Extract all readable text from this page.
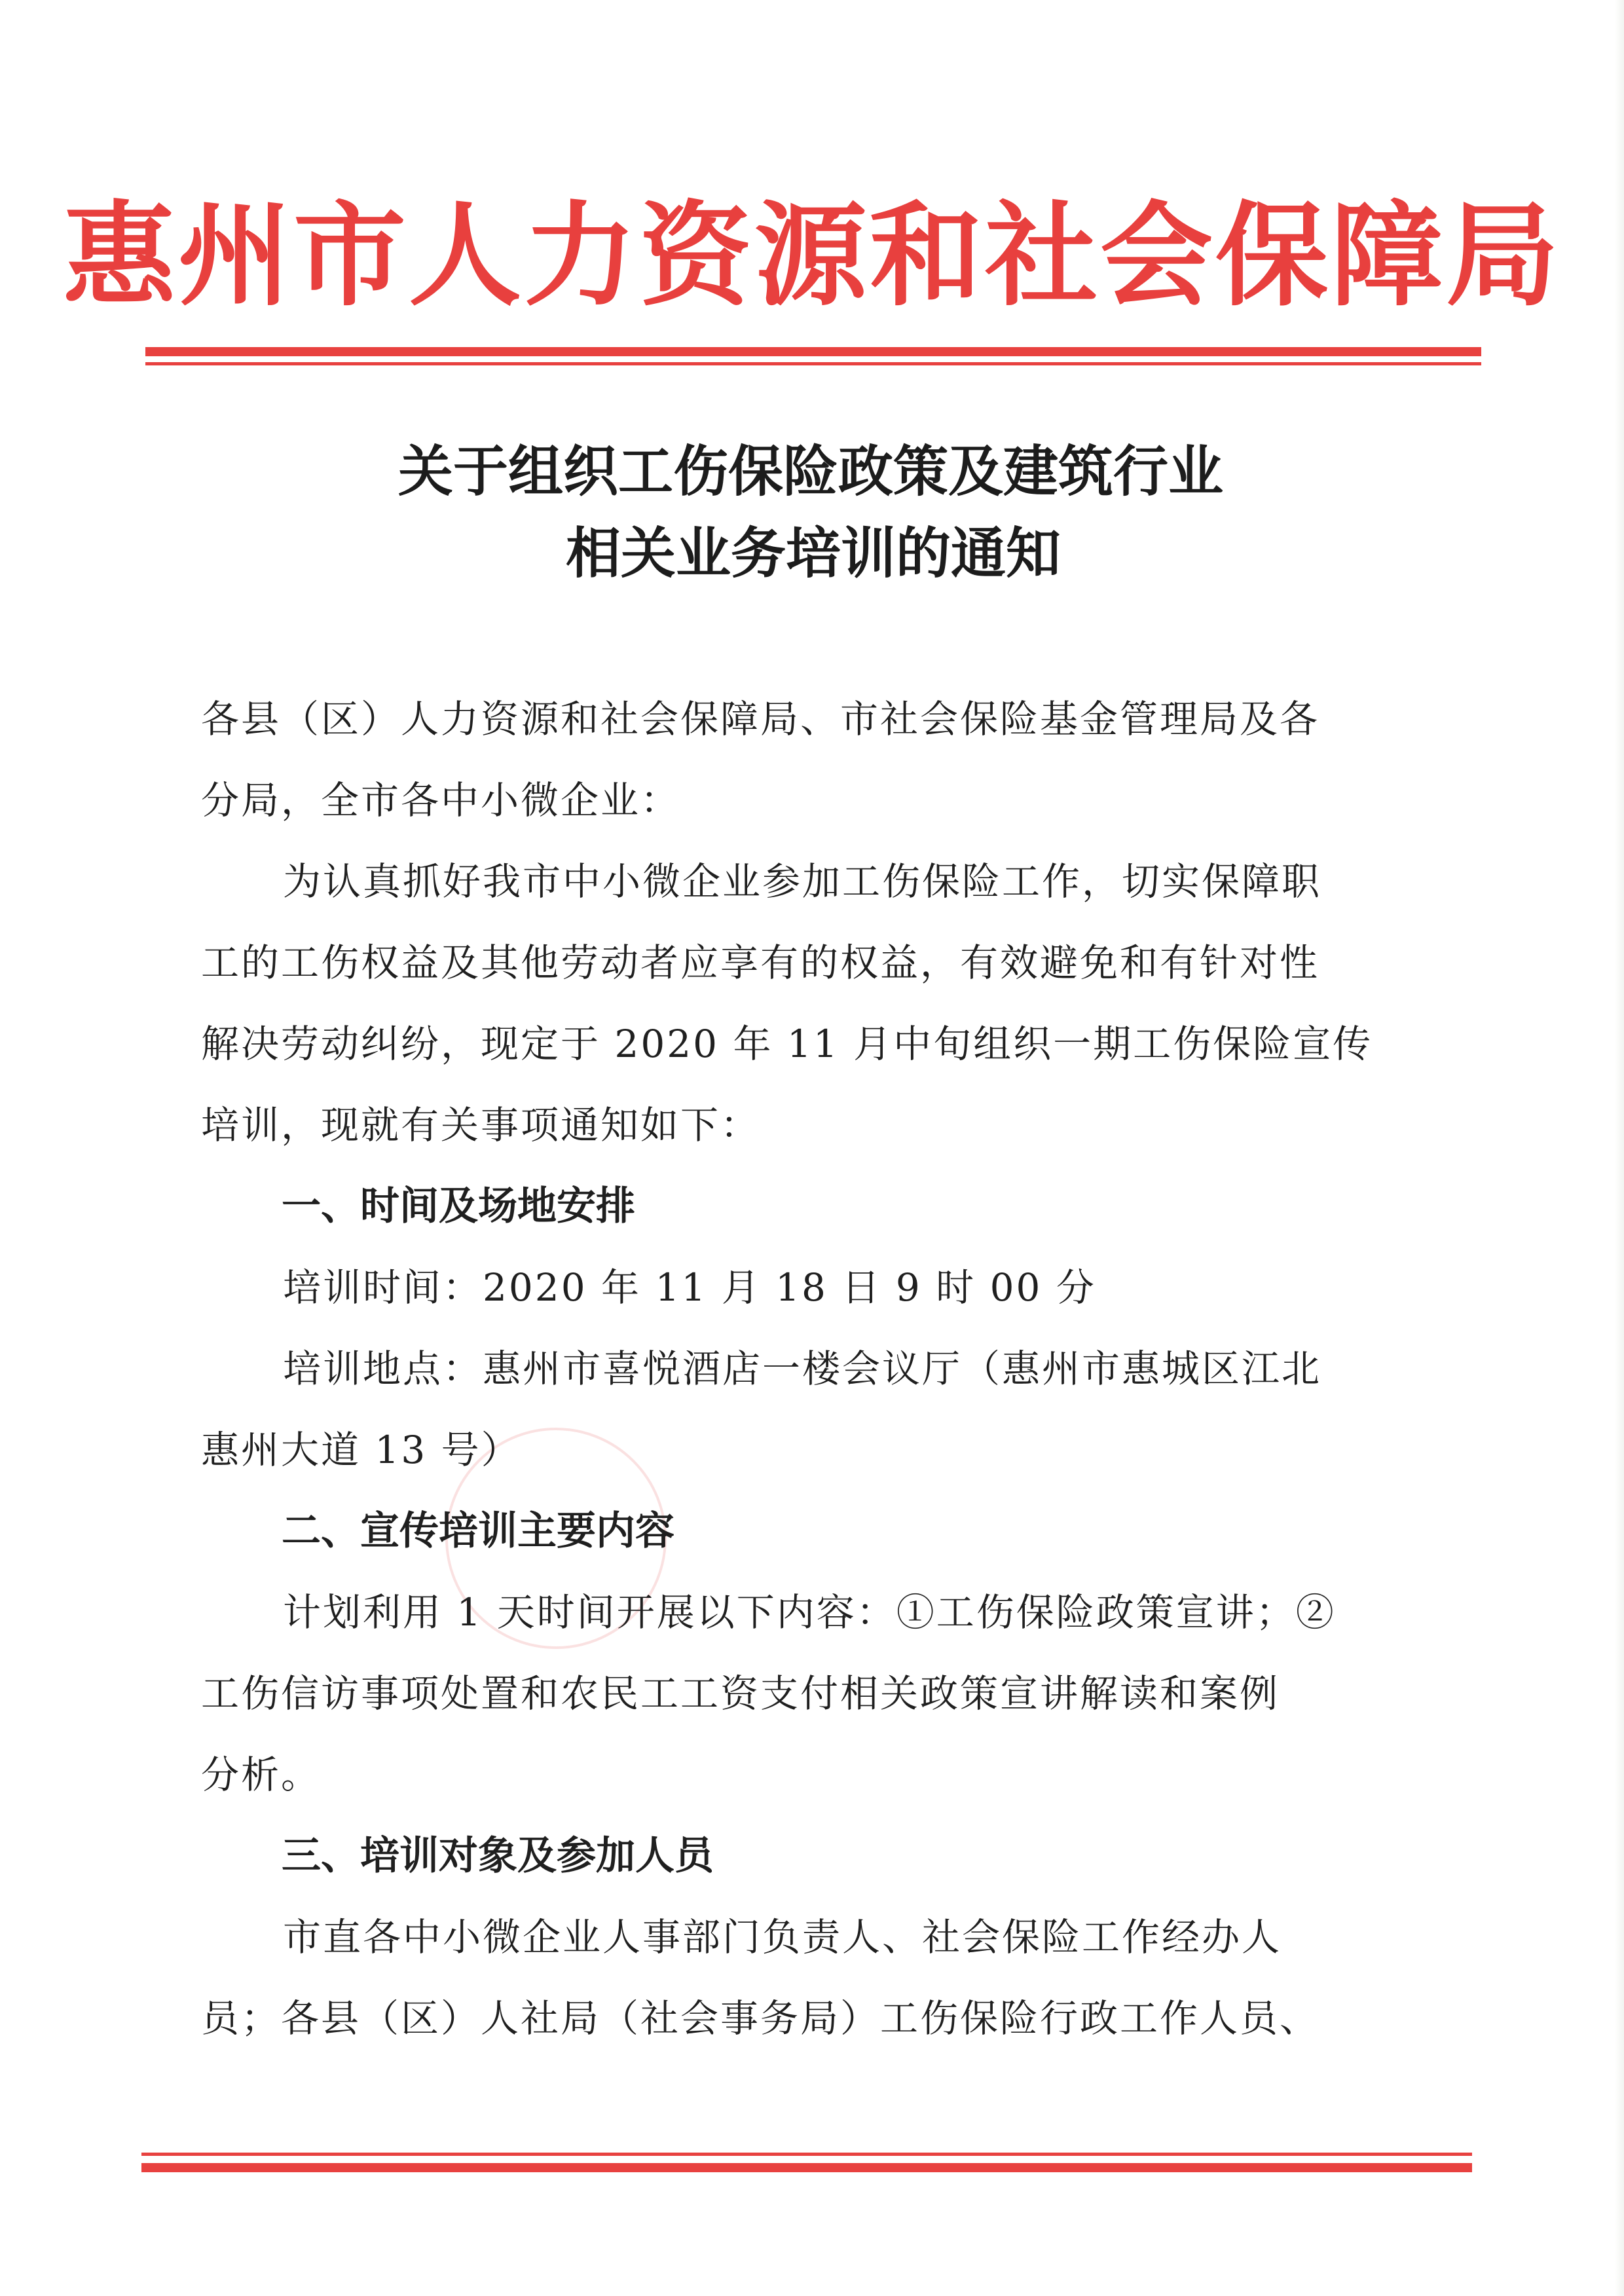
惠州市人力资源和社会保障局
关于组织工伤保险政策及建筑行业
相关业务培训的通知
各县（区）人力资源和社会保障局、市社会保险基金管理局及各
分局，全市各中小微企业：
为认真抓好我市中小微企业参加工伤保险工作，切实保障职
工的工伤权益及其他劳动者应享有的权益，有效避免和有针对性
解决劳动纠纷，现定于 2020 年 11 月中旬组织一期工伤保险宣传
培训，现就有关事项通知如下：
一、时间及场地安排
培训时间：2020 年 11 月 18 日 9 时 00 分
培训地点：惠州市喜悦酒店一楼会议厅（惠州市惠城区江北
惠州大道 13 号）
二、宣传培训主要内容
计划利用 1 天时间开展以下内容：①工伤保险政策宣讲；②
工伤信访事项处置和农民工工资支付相关政策宣讲解读和案例
分析。
三、培训对象及参加人员
市直各中小微企业人事部门负责人、社会保险工作经办人
员；各县（区）人社局（社会事务局）工伤保险行政工作人员、
